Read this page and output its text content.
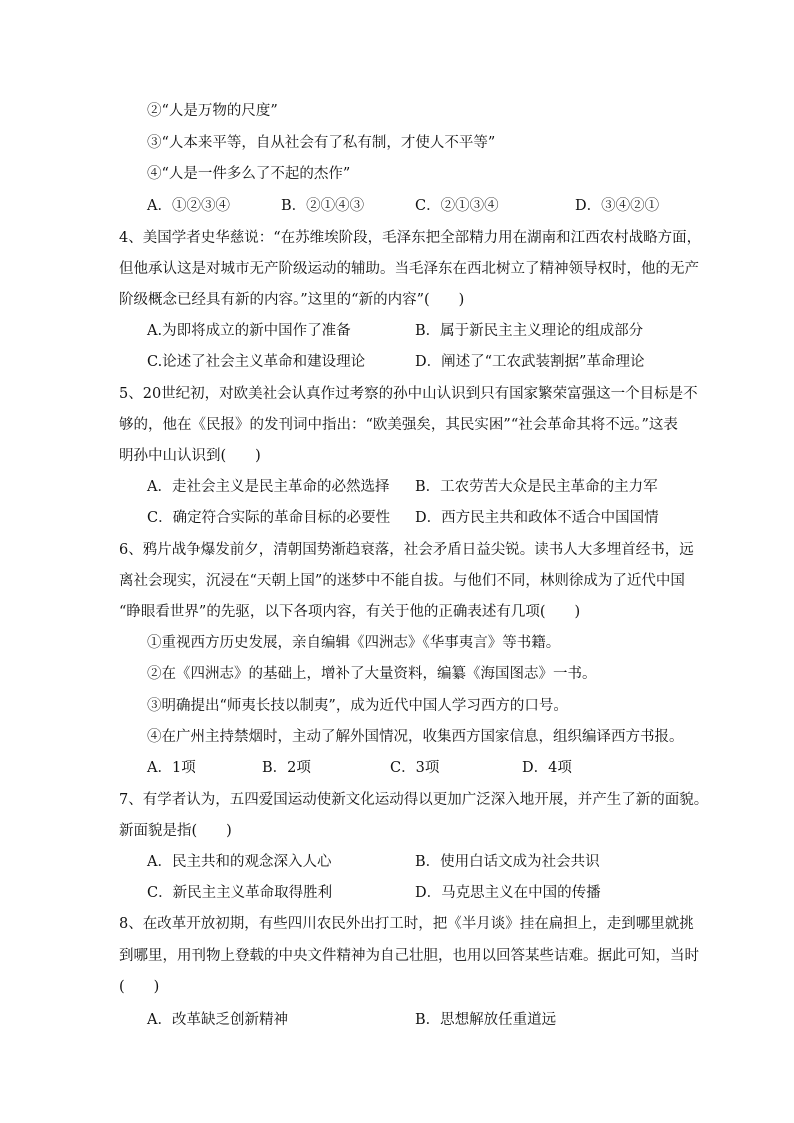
②“人是万物的尺度”
③“人本来平等，自从社会有了私有制，才使人不平等”
④“人是一件多么了不起的杰作”
A．①②③④	B．②①④③	C．②①③④	D．③④②①
4、美国学者史华慈说：“在苏维埃阶段，毛泽东把全部精力用在湖南和江西农村战略方面，
但他承认这是对城市无产阶级运动的辅助。当毛泽东在西北树立了精神领导权时，他的无产
阶级概念已经具有新的内容。”这里的“新的内容”(　　)
A.为即将成立的新中国作了准备	B．属于新民主主义理论的组成部分
C.论述了社会主义革命和建设理论	D．阐述了“工农武装割据”革命理论
5、20世纪初，对欧美社会认真作过考察的孙中山认识到只有国家繁荣富强这一个目标是不
够的，他在《民报》的发刊词中指出：“欧美强矣，其民实困”“社会革命其将不远。”这表
明孙中山认识到(　　)
A．走社会主义是民主革命的必然选择 B．工农劳苦大众是民主革命的主力军
C．确定符合实际的革命目标的必要性 D．西方民主共和政体不适合中国国情
6、鸦片战争爆发前夕，清朝国势渐趋衰落，社会矛盾日益尖锐。读书人大多埋首经书，远
离社会现实，沉浸在“天朝上国”的迷梦中不能自拔。与他们不同，林则徐成为了近代中国
“睁眼看世界”的先驱，以下各项内容，有关于他的正确表述有几项(　　)
①重视西方历史发展，亲自编辑《四洲志》《华事夷言》等书籍。
②在《四洲志》的基础上，增补了大量资料，编纂《海国图志》一书。
③明确提出“师夷长技以制夷”，成为近代中国人学习西方的口号。
④在广州主持禁烟时，主动了解外国情况，收集西方国家信息，组织编译西方书报。
A．1项	B．2项	C．3项	D．4项
7、有学者认为，五四爱国运动使新文化运动得以更加广泛深入地开展，并产生了新的面貌。
新面貌是指(　　)
A．民主共和的观念深入人心	B．使用白话文成为社会共识
C．新民主主义革命取得胜利	D．马克思主义在中国的传播
8、在改革开放初期，有些四川农民外出打工时，把《半月谈》挂在扁担上，走到哪里就挑
到哪里，用刊物上登载的中央文件精神为自己壮胆，也用以回答某些诘难。据此可知，当时
(　　)
A．改革缺乏创新精神	B．思想解放任重道远
